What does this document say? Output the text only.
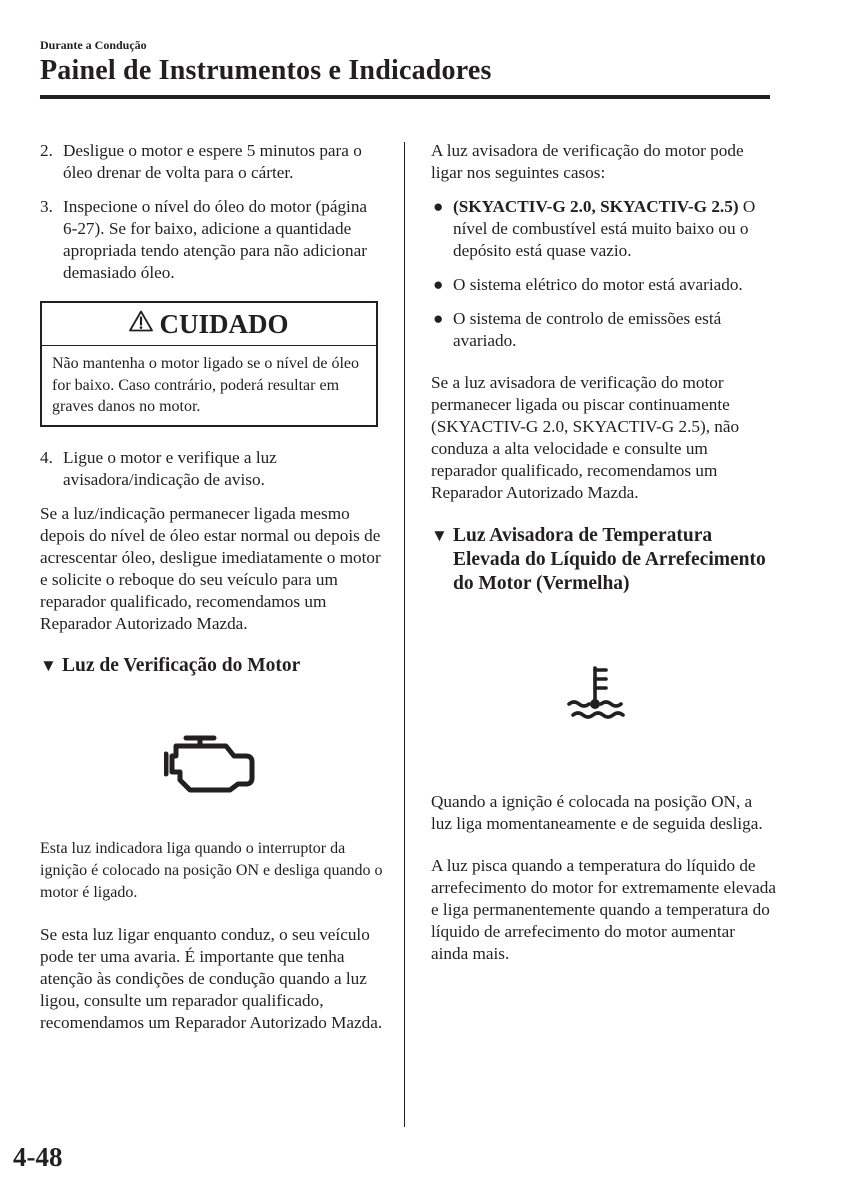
Durante a Condução
Painel de Instrumentos e Indicadores
2. Desligue o motor e espere 5 minutos para o óleo drenar de volta para o cárter.
3. Inspecione o nível do óleo do motor (página 6-27). Se for baixo, adicione a quantidade apropriada tendo atenção para não adicionar demasiado óleo.
CUIDADO
Não mantenha o motor ligado se o nível de óleo for baixo. Caso contrário, poderá resultar em graves danos no motor.
4. Ligue o motor e verifique a luz avisadora/indicação de aviso.

Se a luz/indicação permanecer ligada mesmo depois do nível de óleo estar normal ou depois de acrescentar óleo, desligue imediatamente o motor e solicite o reboque do seu veículo para um reparador qualificado, recomendamos um Reparador Autorizado Mazda.

▼ Luz de Verificação do Motor

Esta luz indicadora liga quando o interruptor da ignição é colocado na posição ON e desliga quando o motor é ligado.

Se esta luz ligar enquanto conduz, o seu veículo pode ter uma avaria. É importante que tenha atenção às condições de condução quando a luz ligou, consulte um reparador qualificado, recomendamos um Reparador Autorizado Mazda.

A luz avisadora de verificação do motor pode ligar nos seguintes casos:

● (SKYACTIV-G 2.0, SKYACTIV-G 2.5) O nível de combustível está muito baixo ou o depósito está quase vazio.
● O sistema elétrico do motor está avariado.
● O sistema de controlo de emissões está avariado.

Se a luz avisadora de verificação do motor permanecer ligada ou piscar continuamente (SKYACTIV-G 2.0, SKYACTIV-G 2.5), não conduza a alta velocidade e consulte um reparador qualificado, recomendamos um Reparador Autorizado Mazda.

▼ Luz Avisadora de Temperatura Elevada do Líquido de Arrefecimento do Motor (Vermelha)

Quando a ignição é colocada na posição ON, a luz liga momentaneamente e de seguida desliga.

A luz pisca quando a temperatura do líquido de arrefecimento do motor for extremamente elevada e liga permanentemente quando a temperatura do líquido de arrefecimento do motor aumentar ainda mais.

4-48
